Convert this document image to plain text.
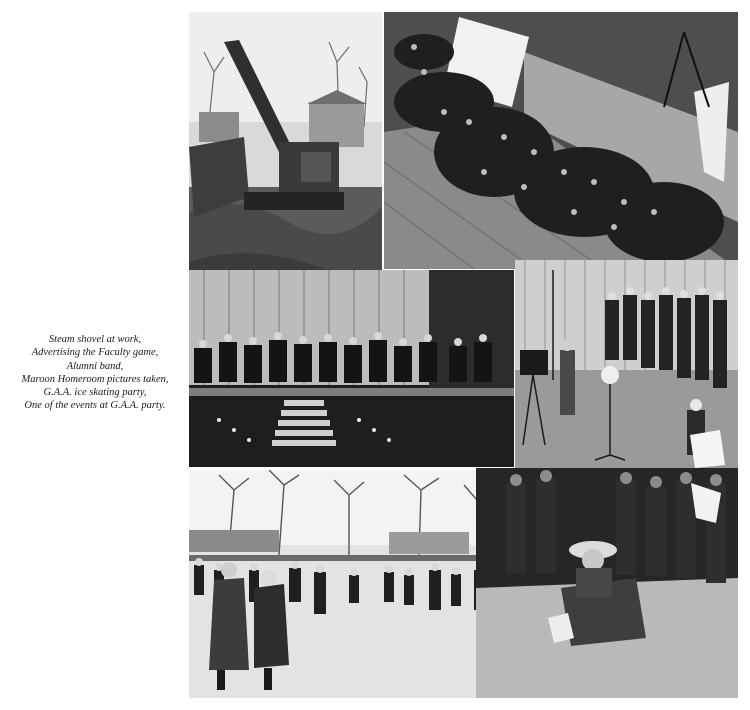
Steam shovel at work,
Advertising the Faculty game,
Alumni band,
Maroon Homeroom pictures taken,
G.A.A. ice skating party,
One of the events at G.A.A. party.
